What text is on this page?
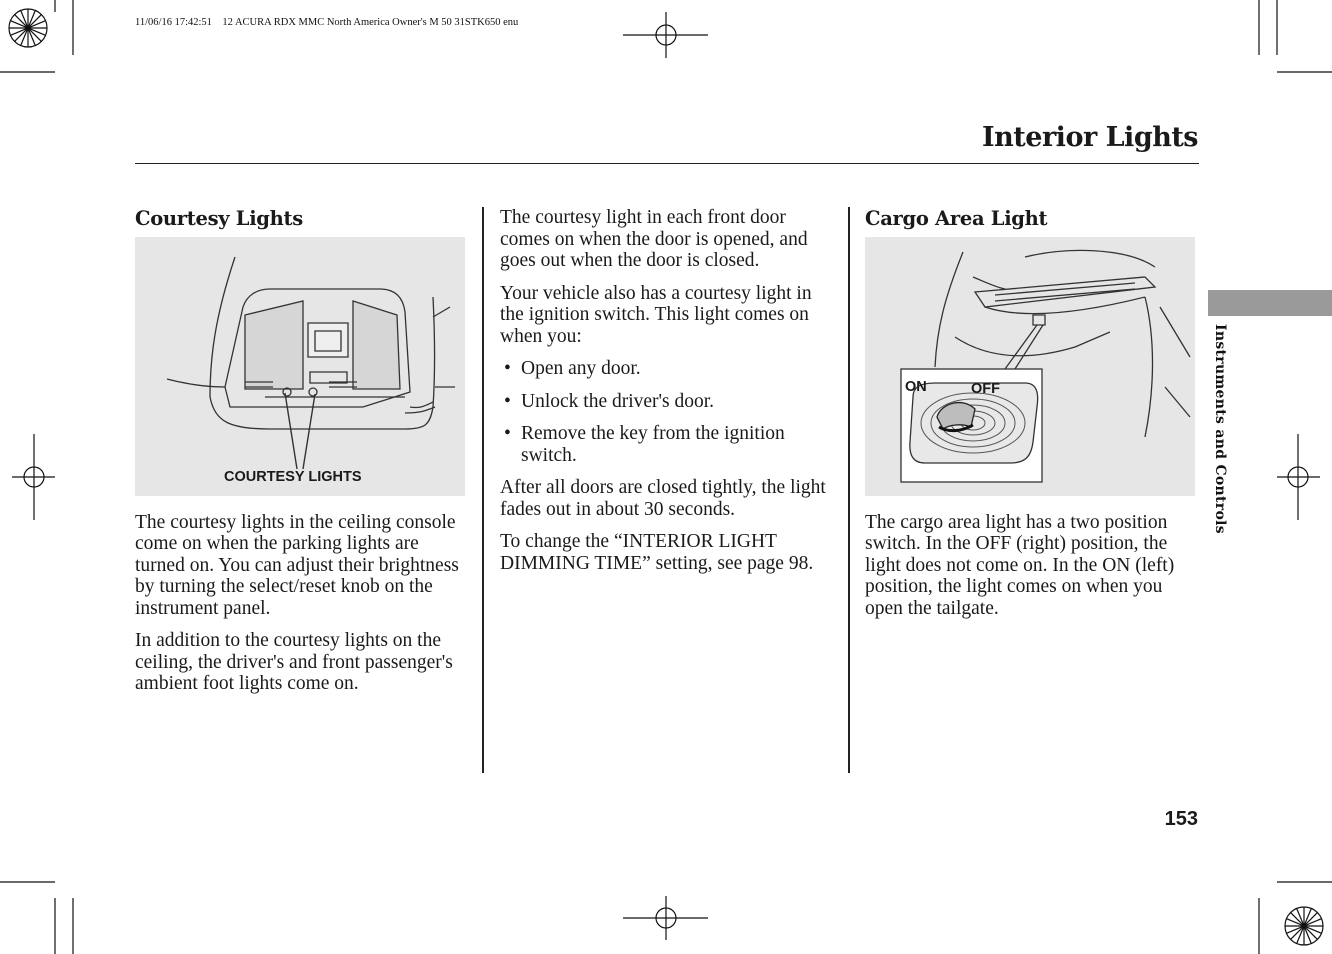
11/06/16 17:42:51    12 ACURA RDX MMC North America Owner's M 50 31STK650 enu
Interior Lights
Courtesy Lights
COURTESY LIGHTS

The courtesy lights in the ceiling console come on when the parking lights are turned on. You can adjust their brightness by turning the select/reset knob on the instrument panel.

In addition to the courtesy lights on the ceiling, the driver's and front passenger's ambient foot lights come on.

The courtesy light in each front door comes on when the door is opened, and goes out when the door is closed.

Your vehicle also has a courtesy light in the ignition switch. This light comes on when you:

• Open any door.
• Unlock the driver's door.
• Remove the key from the ignition switch.

After all doors are closed tightly, the light fades out in about 30 seconds.

To change the “INTERIOR LIGHT DIMMING TIME” setting, see page 98.

Cargo Area Light
ON	OFF

The cargo area light has a two position switch. In the OFF (right) position, the light does not come on. In the ON (left) position, the light comes on when you open the tailgate.

Instruments and Controls
153
